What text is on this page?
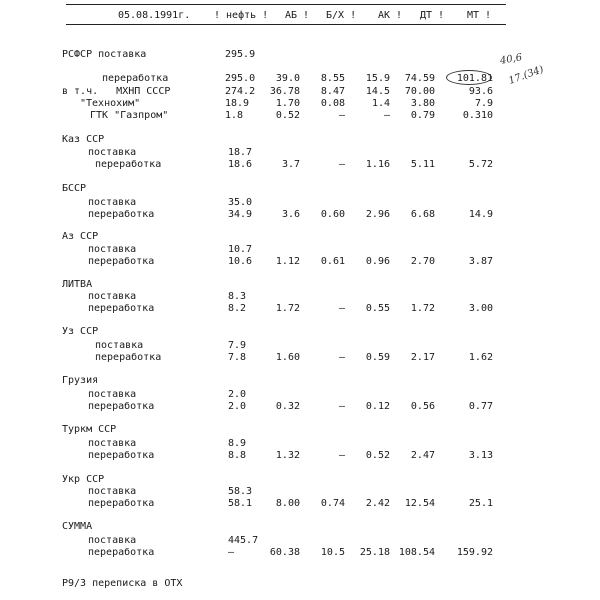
05.08.1991г. ! нефть ! АБ ! Б/Х ! АК ! ДТ ! МТ !
РСФСР поставка	295.9
переработка	295.0 39.0 8.55 15.9 74.59 101.81
в т.ч.   МХНП СССР	274.2 36.78 8.47 14.5 70.00	93.6
"Технохим"	18.9	1.70 0.08	1.4 3.80	7.9
ГТК "Газпром"	1.8	0.52	–	– 0.79	0.310
Каз ССР
поставка	18.7
переработка	18.6	3.7	– 1.16 5.11	5.72
БССР
поставка	35.0
переработка	34.9	3.6 0.60 2.96 6.68	14.9
Аз ССР
поставка	10.7
переработка	10.6 1.12 0.61 0.96 2.70	3.87
ЛИТВА
поставка	8.3
переработка	8.2	1.72	– 0.55 1.72	3.00
Уз ССР
поставка	7.9
переработка	7.8	1.60	– 0.59 2.17	1.62
Грузия
поставка	2.0
переработка	2.0	0.32	– 0.12 0.56	0.77
Туркм ССР
поставка	8.9
переработка	8.8	1.32	– 0.52 2.47	3.13
Укр ССР
поставка	58.3
переработка	58.1 8.00 0.74 2.42 12.54	25.1
СУММА
поставка	445.7
переработка	–	60.38 10.5 25.18 108.54 159.92
Р9/3 переписка в ОТХ
40,6
17.(34)
